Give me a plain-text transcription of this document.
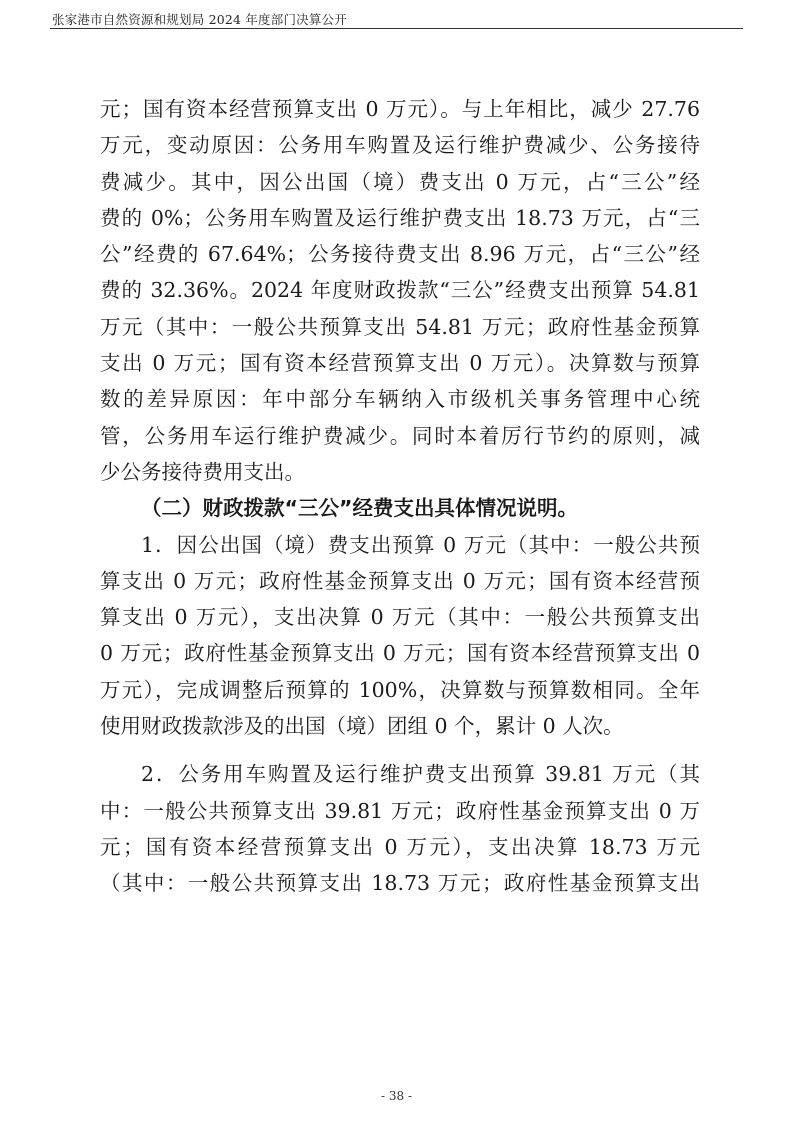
张家港市自然资源和规划局 2024 年度部门决算公开

元；国有资本经营预算支出 0 万元）。与上年相比，减少 27.76
万元，变动原因：公务用车购置及运行维护费减少、公务接待
费减少。其中，因公出国（境）费支出 0 万元，占“三公”经
费的 0%；公务用车购置及运行维护费支出 18.73 万元，占“三
公”经费的 67.64%；公务接待费支出 8.96 万元，占“三公”经
费的 32.36%。2024 年度财政拨款“三公”经费支出预算 54.81
万元（其中：一般公共预算支出 54.81 万元；政府性基金预算
支出 0 万元；国有资本经营预算支出 0 万元）。决算数与预算
数的差异原因：年中部分车辆纳入市级机关事务管理中心统
管，公务用车运行维护费减少。同时本着厉行节约的原则，减
少公务接待费用支出。

（二）财政拨款“三公”经费支出具体情况说明。

1．因公出国（境）费支出预算 0 万元（其中：一般公共预
算支出 0 万元；政府性基金预算支出 0 万元；国有资本经营预
算支出 0 万元），支出决算 0 万元（其中：一般公共预算支出
0 万元；政府性基金预算支出 0 万元；国有资本经营预算支出 0
万元），完成调整后预算的 100%，决算数与预算数相同。全年
使用财政拨款涉及的出国（境）团组 0 个，累计 0 人次。

2．公务用车购置及运行维护费支出预算 39.81 万元（其
中：一般公共预算支出 39.81 万元；政府性基金预算支出 0 万
元；国有资本经营预算支出 0 万元），支出决算 18.73 万元
（其中：一般公共预算支出 18.73 万元；政府性基金预算支出

- 38 -
